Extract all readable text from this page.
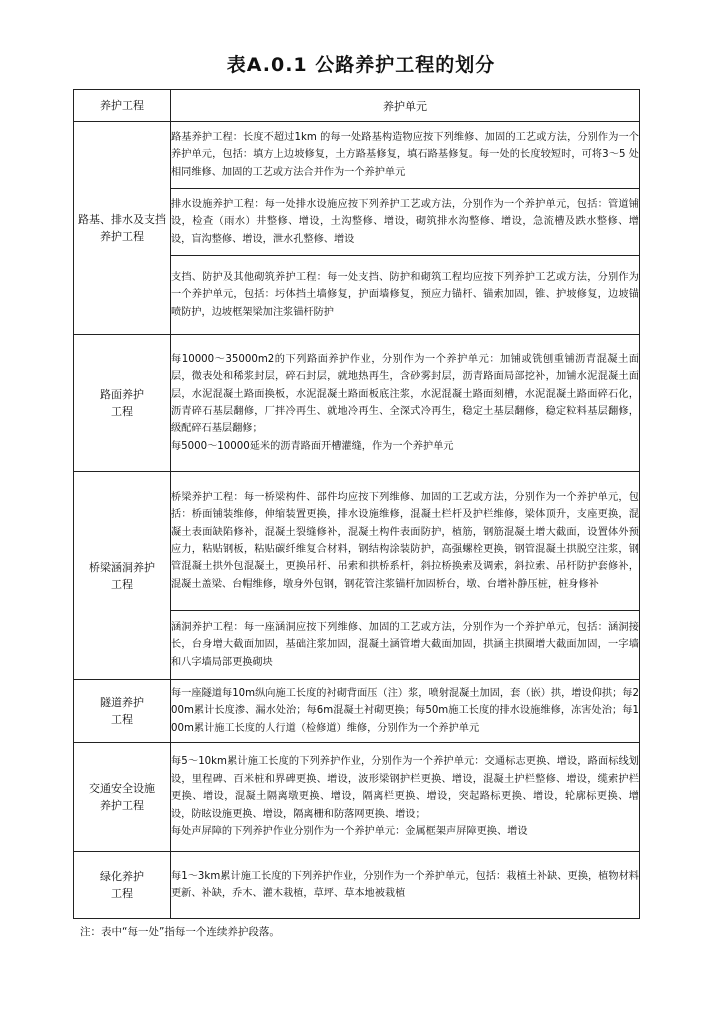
表A.0.1 公路养护工程的划分
养护工程	养护单元

路基、排水及支挡
养护工程	路基养护工程：长度不超过1km 的每一处路基构造物应按下列维修、加固的工艺或方法，分别作为一个养护单元，包括：填方上边坡修复，土方路基修复，填石路基修复。每一处的长度较短时，可将3～5 处相同维修、加固的工艺或方法合并作为一个养护单元
	排水设施养护工程：每一处排水设施应按下列养护工艺或方法，分别作为一个养护单元，包括：管道铺设，检查（雨水）井整修、增设，土沟整修、增设，砌筑排水沟整修、增设，急流槽及跌水整修、增设，盲沟整修、增设，泄水孔整修、增设
	支挡、防护及其他砌筑养护工程：每一处支挡、防护和砌筑工程均应按下列养护工艺或方法，分别作为一个养护单元，包括：圬体挡土墙修复，护面墙修复，预应力锚杆、锚索加固，锥、护坡修复，边坡锚喷防护，边坡框架梁加注浆锚杆防护

路面养护
工程	每10000～35000m2的下列路面养护作业，分别作为一个养护单元：加铺或铣刨重铺沥青混凝土面层，微表处和稀浆封层，碎石封层，就地热再生，含砂雾封层，沥青路面局部挖补，加铺水泥混凝土面层，水泥混凝土路面换板，水泥混凝土路面板底注浆，水泥混凝土路面刻槽，水泥混凝土路面碎石化，沥青碎石基层翻修，厂拌冷再生、就地冷再生、全深式冷再生，稳定土基层翻修，稳定粒料基层翻修，级配碎石基层翻修；
每5000～10000延米的沥青路面开槽灌缝，作为一个养护单元

桥梁涵洞养护
工程	桥梁养护工程：每一桥梁构件、部件均应按下列维修、加固的工艺或方法，分别作为一个养护单元，包括：桥面铺装维修，伸缩装置更换，排水设施维修，混凝土栏杆及护栏维修，梁体顶升，支座更换，混凝土表面缺陷修补，混凝土裂缝修补，混凝土构件表面防护，植筋，钢筋混凝土增大截面，设置体外预应力，粘贴钢板，粘贴碳纤维复合材料，钢结构涂装防护，高强螺栓更换，钢管混凝土拱脱空注浆，钢管混凝土拱外包混凝土，更换吊杆、吊索和拱桥系杆，斜拉桥换索及调索，斜拉索、吊杆防护套修补，混凝土盖梁、台帽维修，墩身外包钢，钢花管注浆锚杆加固桥台，墩、台增补静压桩，桩身修补
	涵洞养护工程：每一座涵洞应按下列维修、加固的工艺或方法，分别作为一个养护单元，包括：涵洞接长，台身增大截面加固，基础注浆加固，混凝土涵管增大截面加固，拱涵主拱圈增大截面加固，一字墙和八字墙局部更换砌块

隧道养护
工程	每一座隧道每10m纵向施工长度的衬砌背面压（注）浆，喷射混凝土加固，套（嵌）拱，增设仰拱；每200m累计长度渗、漏水处治；每6m混凝土衬砌更换；每50m施工长度的排水设施维修，冻害处治；每100m累计施工长度的人行道（检修道）维修，分别作为一个养护单元

交通安全设施
养护工程	每5～10km累计施工长度的下列养护作业，分别作为一个养护单元：交通标志更换、增设，路面标线划设，里程碑、百米桩和界碑更换、增设，波形梁钢护栏更换、增设，混凝土护栏整修、增设，缆索护栏更换、增设，混凝土隔离墩更换、增设，隔离栏更换、增设，突起路标更换、增设，轮廓标更换、增设，防眩设施更换、增设，隔离栅和防落网更换、增设；
每处声屏障的下列养护作业分别作为一个养护单元：金属框架声屏障更换、增设

绿化养护
工程	每1～3km累计施工长度的下列养护作业，分别作为一个养护单元，包括：栽植土补缺、更换，植物材料更新、补缺，乔木、灌木栽植，草坪、草本地被栽植
注：表中“每一处”指每一个连续养护段落。
